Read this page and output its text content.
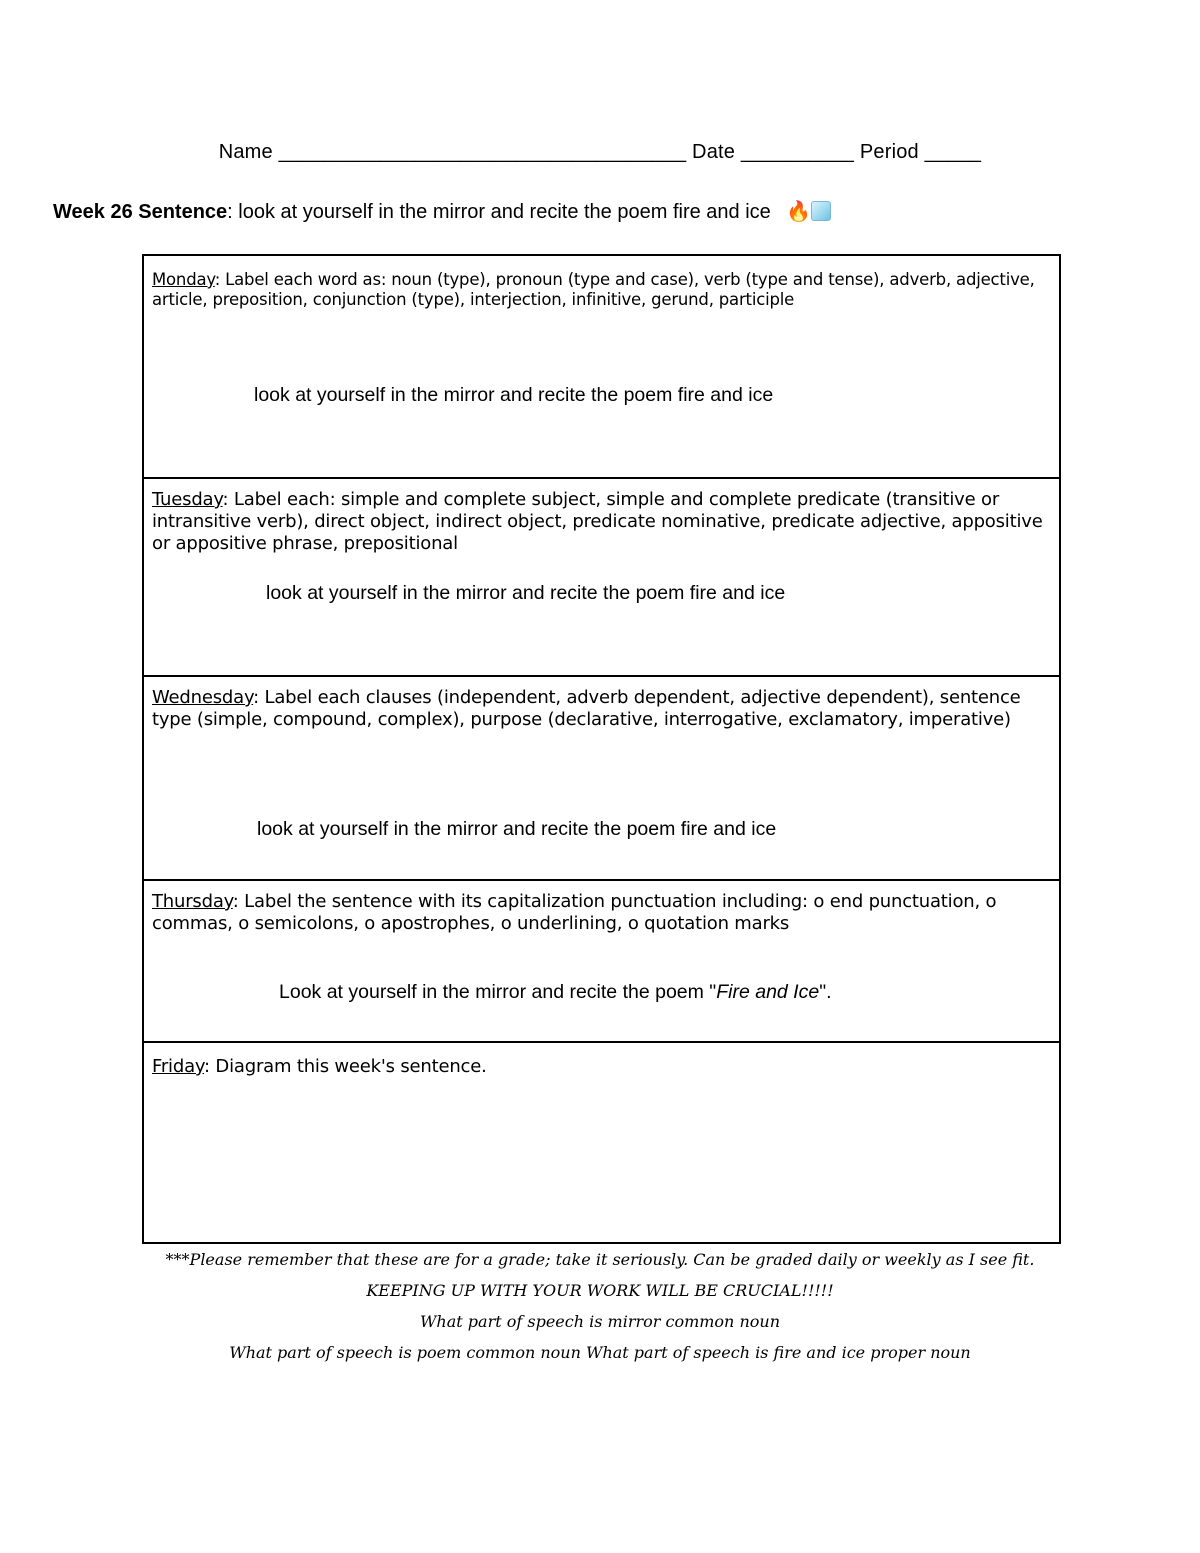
Name ____________________________________ Date __________ Period _____
Week 26 Sentence: look at yourself in the mirror and recite the poem fire and ice 🔥
Monday: Label each word as: noun (type), pronoun (type and case), verb (type and tense), adverb, adjective, article, preposition, conjunction (type), interjection, infinitive, gerund, participle
look at yourself in the mirror and recite the poem fire and ice
Tuesday: Label each: simple and complete subject, simple and complete predicate (transitive or intransitive verb), direct object, indirect object, predicate nominative, predicate adjective, appositive or appositive phrase, prepositional
look at yourself in the mirror and recite the poem fire and ice
Wednesday: Label each clauses (independent, adverb dependent, adjective dependent), sentence type (simple, compound, complex), purpose (declarative, interrogative, exclamatory, imperative)
look at yourself in the mirror and recite the poem fire and ice
Thursday: Label the sentence with its capitalization punctuation including: o end punctuation, o commas, o semicolons, o apostrophes, o underlining, o quotation marks
Look at yourself in the mirror and recite the poem "Fire and Ice".
Friday: Diagram this week's sentence.
***Please remember that these are for a grade; take it seriously. Can be graded daily or weekly as I see fit.
KEEPING UP WITH YOUR WORK WILL BE CRUCIAL!!!!!
What part of speech is mirror common noun
What part of speech is poem common noun What part of speech is fire and ice proper noun
